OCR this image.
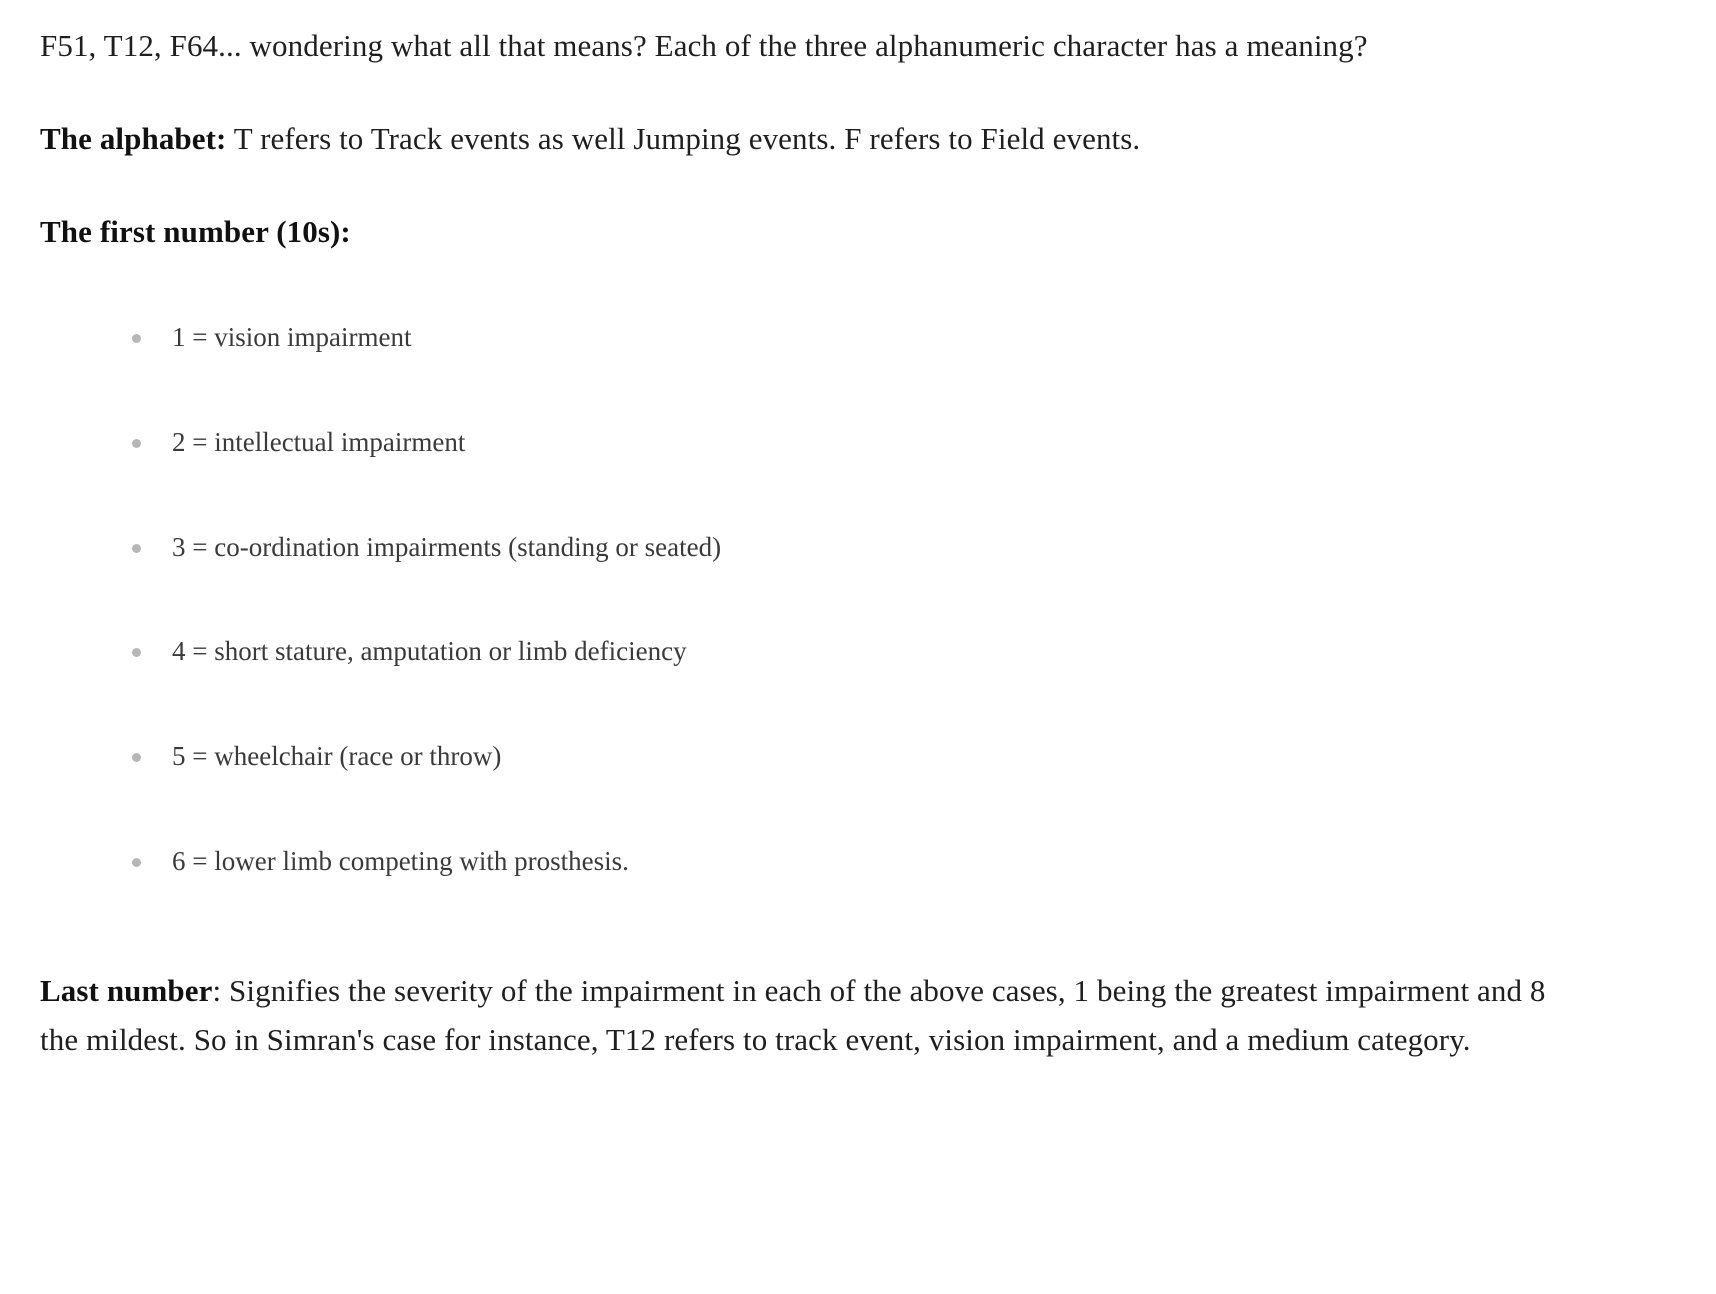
F51, T12, F64... wondering what all that means? Each of the three alphanumeric character has a meaning?

The alphabet: T refers to Track events as well Jumping events. F refers to Field events.

The first number (10s):

1 = vision impairment
2 = intellectual impairment
3 = co-ordination impairments (standing or seated)
4 = short stature, amputation or limb deficiency
5 = wheelchair (race or throw)
6 = lower limb competing with prosthesis.

Last number: Signifies the severity of the impairment in each of the above cases, 1 being the greatest impairment and 8 the mildest. So in Simran's case for instance, T12 refers to track event, vision impairment, and a medium category.
